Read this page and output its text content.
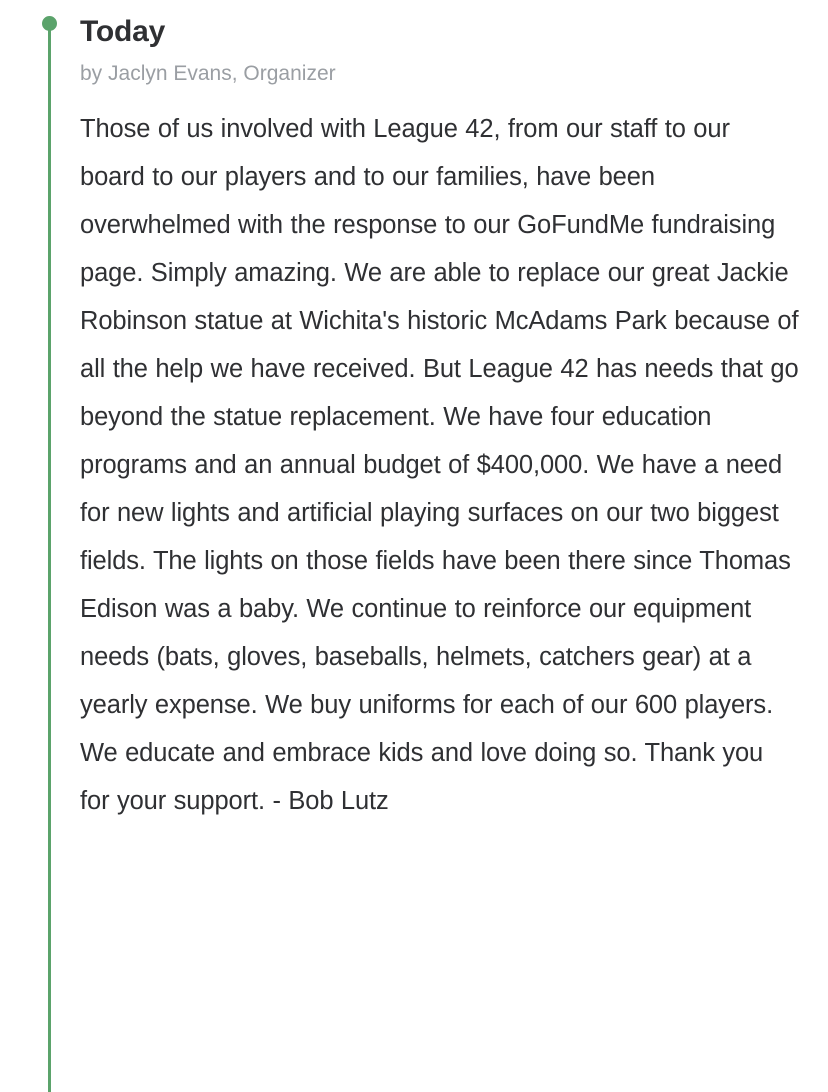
Today
by Jaclyn Evans, Organizer

Those of us involved with League 42, from our staff to our board to our players and to our families, have been overwhelmed with the response to our GoFundMe fundraising page. Simply amazing. We are able to replace our great Jackie Robinson statue at Wichita's historic McAdams Park because of all the help we have received. But League 42 has needs that go beyond the statue replacement. We have four education programs and an annual budget of $400,000. We have a need for new lights and artificial playing surfaces on our two biggest fields. The lights on those fields have been there since Thomas Edison was a baby. We continue to reinforce our equipment needs (bats, gloves, baseballs, helmets, catchers gear) at a yearly expense. We buy uniforms for each of our 600 players. We educate and embrace kids and love doing so. Thank you for your support. - Bob Lutz
